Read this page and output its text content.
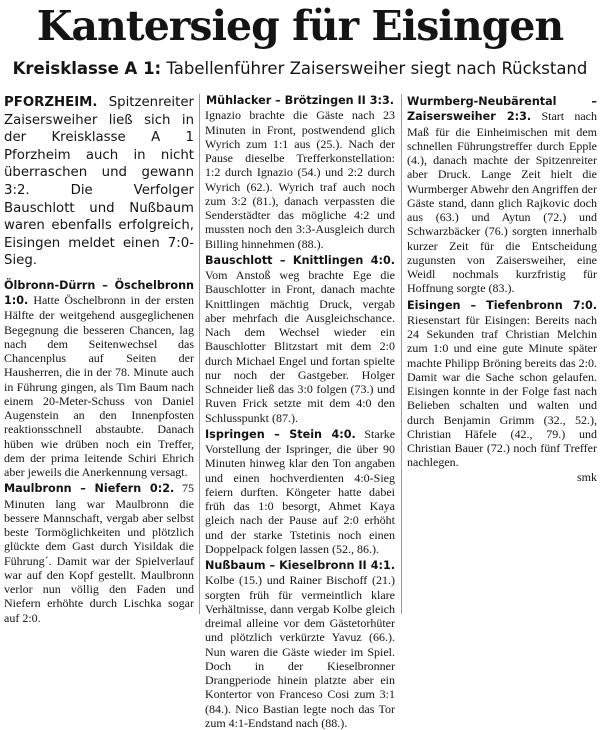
Kantersieg für Eisingen
Kreisklasse A 1: Tabellenführer Zaisersweiher siegt nach Rückstand

PFORZHEIM. Spitzenreiter Zaisersweiher ließ sich in der Kreisklasse A 1 Pforzheim auch in nicht überraschen und gewann 3:2. Die Verfolger Bauschlott und Nußbaum waren ebenfalls erfolgreich, Eisingen meldet einen 7:0-Sieg.

Ölbronn-Dürrn – Öschelbronn 1:0. Hatte Öschelbronn in der ersten Hälfte der weitgehend ausgeglichenen Begegnung die besseren Chancen, lag nach dem Seitenwechsel das Chancenplus auf Seiten der Hausherren, die in der 78. Minute auch in Führung gingen, als Tim Baum nach einem 20-Meter-Schuss von Daniel Augenstein an den Innenpfosten reaktionsschnell abstaubte. Danach hüben wie drüben noch ein Treffer, dem der prima leitende Schiri Ehrich aber jeweils die Anerkennung versagt.

Maulbronn – Niefern 0:2. 75 Minuten lang war Maulbronn die bessere Mannschaft, vergab aber selbst beste Tormöglichkeiten und plötzlich glückte dem Gast durch Yisildak die Führung´. Damit war der Spielverlauf war auf den Kopf gestellt. Maulbronn verlor nun völlig den Faden und Niefern erhöhte durch Lischka sogar auf 2:0.

Mühlacker – Brötzingen II 3:3.
Ignazio brachte die Gäste nach 23 Minuten in Front, postwendend glich Wyrich zum 1:1 aus (25.). Nach der Pause dieselbe Trefferkonstellation: 1:2 durch Ignazio (54.) und 2:2 durch Wyrich (62.). Wyrich traf auch noch zum 3:2 (81.), danach verpassten die Senderstädter das mögliche 4:2 und mussten noch den 3:3-Ausgleich durch Billing hinnehmen (88.).

Bauschlott – Knittlingen 4:0. Vom Anstoß weg brachte Ege die Bauschlotter in Front, danach machte Knittlingen mächtig Druck, vergab aber mehrfach die Ausgleichschance. Nach dem Wechsel wieder ein Bauschlotter Blitzstart mit dem 2:0 durch Michael Engel und fortan spielte nur noch der Gastgeber. Holger Schneider ließ das 3:0 folgen (73.) und Ruven Frick setzte mit dem 4:0 den Schlusspunkt (87.).

Ispringen – Stein 4:0. Starke Vorstellung der Ispringer, die über 90 Minuten hinweg klar den Ton angaben und einen hochverdienten 4:0-Sieg feiern durften. Köngeter hatte dabei früh das 1:0 besorgt, Ahmet Kaya gleich nach der Pause auf 2:0 erhöht und der starke Tstetinis noch einen Doppelpack folgen lassen (52., 86.).

Nußbaum – Kieselbronn II 4:1. Kolbe (15.) und Rainer Bischoff (21.) sorgten früh für vermeintlich klare Verhältnisse, dann vergab Kolbe gleich dreimal alleine vor dem Gästetorhüter und plötzlich verkürzte Yavuz (66.). Nun waren die Gäste wieder im Spiel. Doch in der Kieselbronner Drangperiode hinein platzte aber ein Kontertor von Franceso Cosi zum 3:1 (84.). Nico Bastian legte noch das Tor zum 4:1-Endstand nach (88.).

Wurmberg-Neubärental – Zaisersweiher 2:3. Start nach Maß für die Einheimischen mit dem schnellen Führungstreffer durch Epple (4.), danach machte der Spitzenreiter aber Druck. Lange Zeit hielt die Wurmberger Abwehr den Angriffen der Gäste stand, dann glich Rajkovic doch aus (63.) und Aytun (72.) und Schwarzbäcker (76.) sorgten innerhalb kurzer Zeit für die Entscheidung zugunsten von Zaisersweiher, eine Weidl nochmals kurzfristig für Hoffnung sorgte (83.).

Eisingen – Tiefenbronn 7:0. Riesenstart für Eisingen: Bereits nach 24 Sekunden traf Christian Melchin zum 1:0 und eine gute Minute später machte Philipp Bröning bereits das 2:0. Damit war die Sache schon gelaufen. Eisingen konnte in der Folge fast nach Belieben schalten und walten und durch Benjamin Grimm (32., 52.), Christian Häfele (42., 79.) und Christian Bauer (72.) noch fünf Treffer nachlegen.

smk
